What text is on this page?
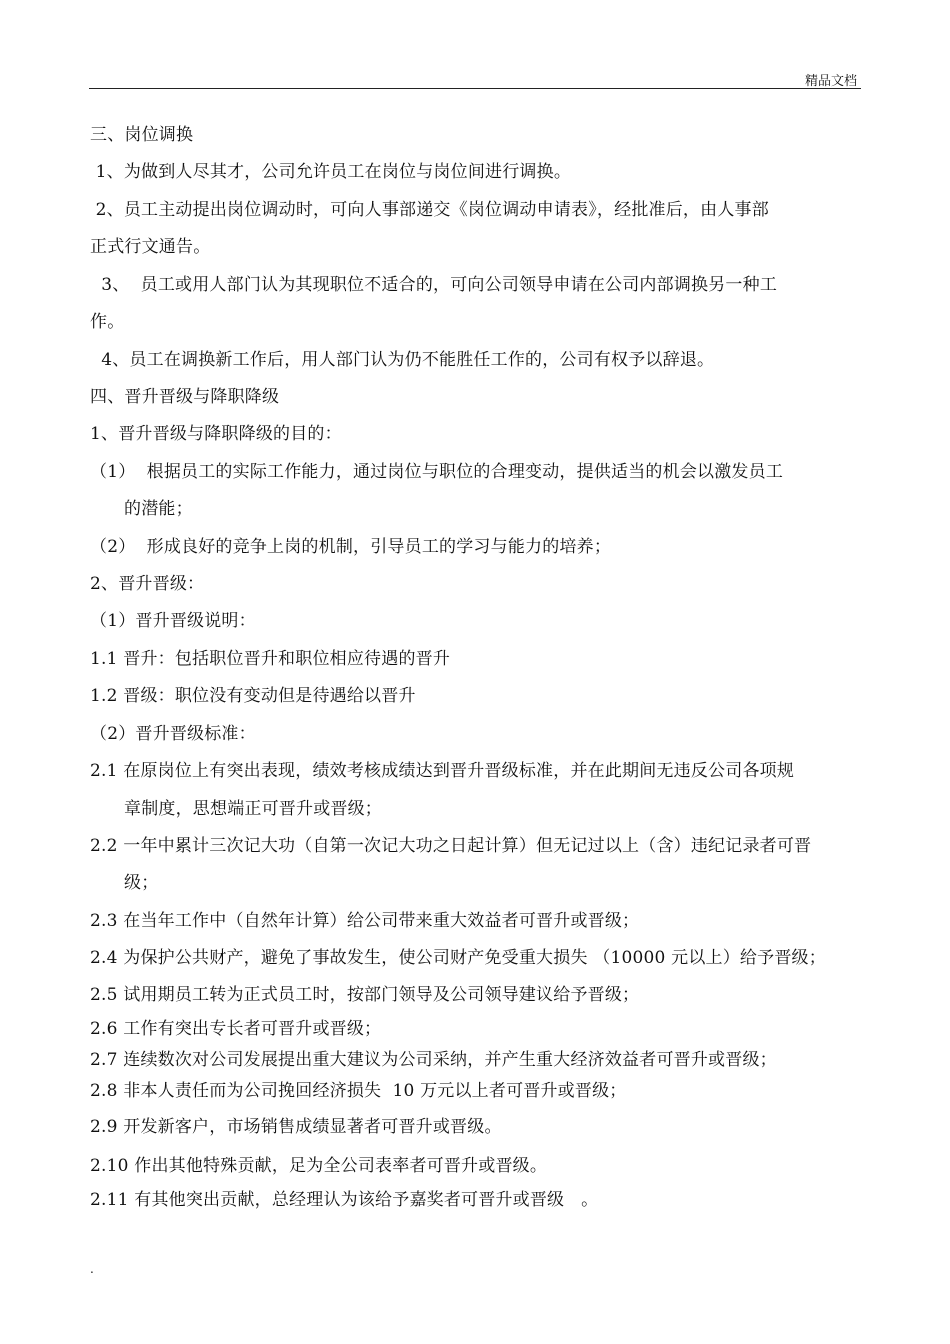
精品文档
三、岗位调换
1、为做到人尽其才，公司允许员工在岗位与岗位间进行调换。
2、员工主动提出岗位调动时，可向人事部递交《岗位调动申请表》，经批准后，由人事部
正式行文通告。
3、  员工或用人部门认为其现职位不适合的，可向公司领导申请在公司内部调换另一种工
作。
4、员工在调换新工作后，用人部门认为仍不能胜任工作的，公司有权予以辞退。
四、晋升晋级与降职降级
1、晋升晋级与降职降级的目的：
（1）  根据员工的实际工作能力，通过岗位与职位的合理变动，提供适当的机会以激发员工
的潜能；
（2）  形成良好的竞争上岗的机制，引导员工的学习与能力的培养；
2、晋升晋级：
（1）晋升晋级说明：
1.1 晋升：包括职位晋升和职位相应待遇的晋升
1.2 晋级：职位没有变动但是待遇给以晋升
（2）晋升晋级标准：
2.1 在原岗位上有突出表现，绩效考核成绩达到晋升晋级标准，并在此期间无违反公司各项规
章制度，思想端正可晋升或晋级；
2.2 一年中累计三次记大功（自第一次记大功之日起计算）但无记过以上（含）违纪记录者可晋
级；
2.3 在当年工作中（自然年计算）给公司带来重大效益者可晋升或晋级；
2.4 为保护公共财产，避免了事故发生，使公司财产免受重大损失 （10000 元以上）给予晋级；
2.5 试用期员工转为正式员工时，按部门领导及公司领导建议给予晋级；
2.6 工作有突出专长者可晋升或晋级；
2.7 连续数次对公司发展提出重大建议为公司采纳，并产生重大经济效益者可晋升或晋级；
2.8 非本人责任而为公司挽回经济损失  10 万元以上者可晋升或晋级；
2.9 开发新客户，市场销售成绩显著者可晋升或晋级。
2.10 作出其他特殊贡献，足为全公司表率者可晋升或晋级。
2.11 有其他突出贡献，总经理认为该给予嘉奖者可晋升或晋级   。
.
